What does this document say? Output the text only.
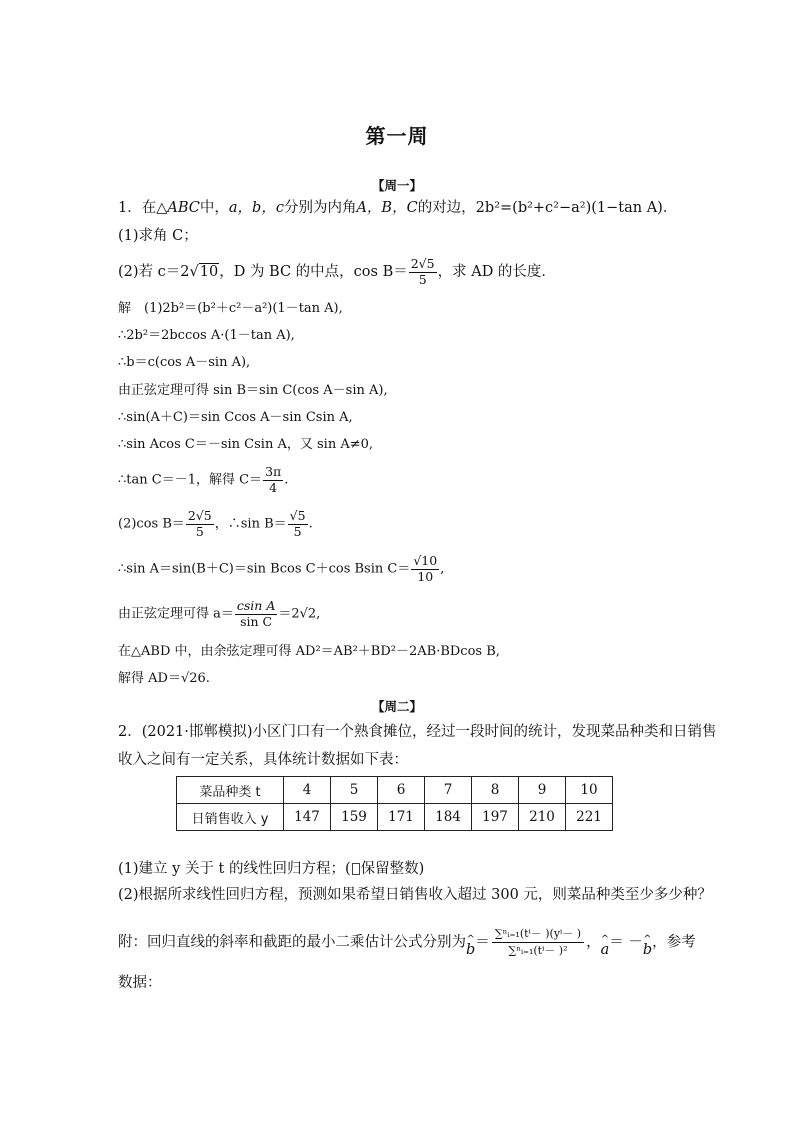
第一周
【周一】
1．在△ABC中，a，b，c分别为内角A，B，C的对边，2b²=(b²+c²−a²)(1−tan A)．
(1)求角 C；
(2)若 c＝2√10，D 为 BC 的中点，$\cos B= \frac{2√5}{5}$ ，求 AD 的长度．
解　(1)2b²＝(b²＋c²－a²)(1－tan A),
∴2b²＝2bccos A·(1－tan A),
∴b＝c(cos A－sin A),
由正弦定理可得 sin B＝sin C(cos A－sin A),
∴sin(A＋C)＝sin Ccos A－sin Csin A,
∴sin Acos C＝－sin Csin A，又 sin A≠0,
∴tan C＝－1，解得 $C= \frac{3\pi}{4}$ .
(2)cos $B= \frac{2√5}{5}$ ，∴sin $B= \frac{√5}{5}$ .
∴sin A＝sin(B＋C)＝sin Bcos C＋cos Bsin $C= \frac{√10}{10}$ ,
由正弦定理可得 $a= \frac{\text{csin A}}{\text{sin C}} =2√2$,
在△ABD 中，由余弦定理可得 AD²＝AB²＋BD²－2AB·BDcos B,
解得 AD＝√26.
【周二】
2．(2021·邯郸模拟)小区门口有一个熟食摊位，经过一段时间的统计，发现菜品种类和日销售
收入之间有一定关系，具体统计数据如下表：
菜品种类 t	4	5	6	7	8	9	10
日销售收入 y	147	159	171	184	197	210	221
(1)建立 y 关于 t 的线性回归方程；( 保留整数)
(2)根据所求线性回归方程，预测如果希望日销售收入超过 300 元，则菜品种类至少多少种？
附：回归直线的斜率和截距的最小二乘估计公式分别为 ^
$b = \frac{\text{∑ⁿᵢ₌₁(tⁱ－ )(yⁱ－ )}}{\text{∑ⁿᵢ₌₁(tⁱ－ )²}}$ ， ^
a ＝ － ^
b ，参考
数据：
